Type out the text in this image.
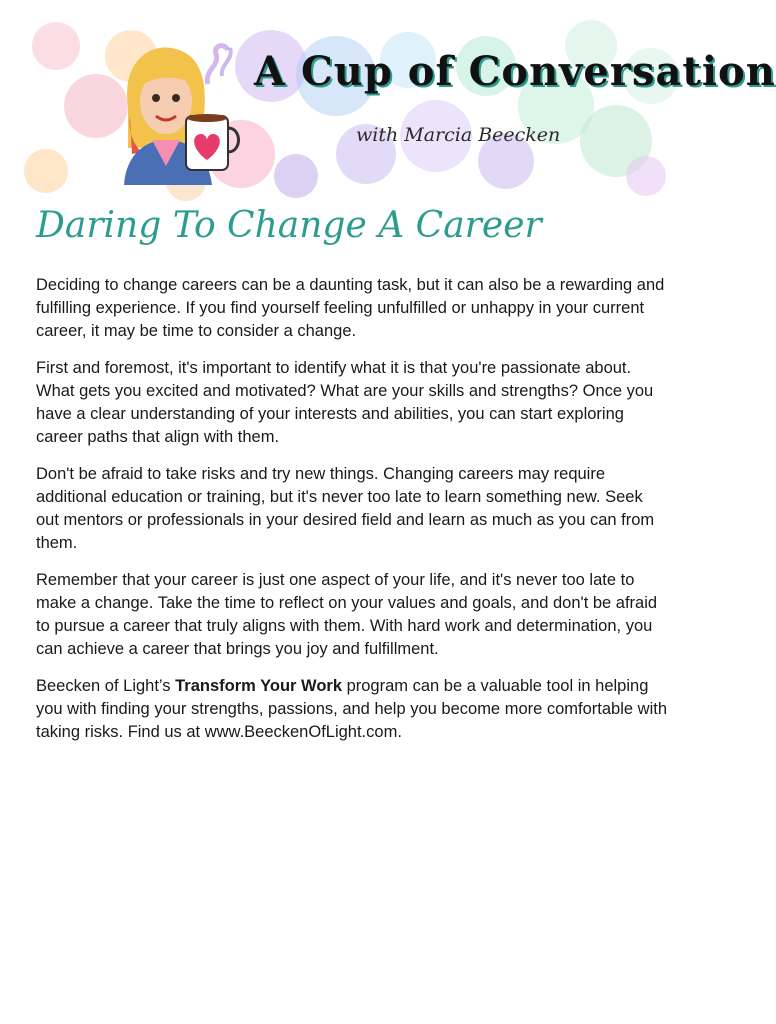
A Cup of Conversation
with Marcia Beecken
Daring To Change A Career

Deciding to change careers can be a daunting task, but it can also be a rewarding and fulfilling experience. If you find yourself feeling unfulfilled or unhappy in your current career, it may be time to consider a change.

First and foremost, it's important to identify what it is that you're passionate about. What gets you excited and motivated? What are your skills and strengths? Once you have a clear understanding of your interests and abilities, you can start exploring career paths that align with them.

Don't be afraid to take risks and try new things. Changing careers may require additional education or training, but it's never too late to learn something new. Seek out mentors or professionals in your desired field and learn as much as you can from them.

Remember that your career is just one aspect of your life, and it's never too late to make a change. Take the time to reflect on your values and goals, and don't be afraid to pursue a career that truly aligns with them. With hard work and determination, you can achieve a career that brings you joy and fulfillment.

Beecken of Light’s Transform Your Work program can be a valuable tool in helping you with finding your strengths, passions, and help you become more comfortable with taking risks. Find us at www.BeeckenOfLight.com.
